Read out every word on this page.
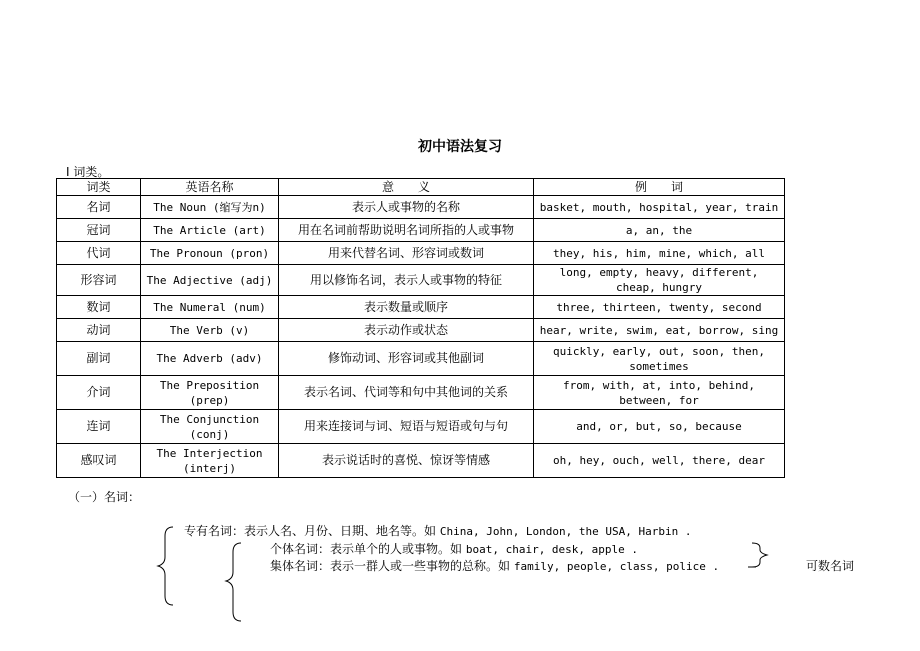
初中语法复习
Ⅰ 词类。
词类	英语名称	意　　义	例　　词
名词	The Noun (缩写为n)	表示人或事物的名称	basket, mouth, hospital, year, train
冠词	The Article (art)	用在名词前帮助说明名词所指的人或事物	a, an, the
代词	The Pronoun (pron)	用来代替名词、形容词或数词	they, his, him, mine, which, all
形容词	The Adjective (adj)	用以修饰名词，表示人或事物的特征	long, empty, heavy, different, cheap, hungry
数词	The Numeral (num)	表示数量或顺序	three, thirteen, twenty, second
动词	The Verb (v)	表示动作或状态	hear, write, swim, eat, borrow, sing
副词	The Adverb (adv)	修饰动词、形容词或其他副词	quickly, early, out, soon, then, sometimes
介词	The Preposition (prep)	表示名词、代词等和句中其他词的关系	from, with, at, into, behind, between, for
连词	The Conjunction (conj)	用来连接词与词、短语与短语或句与句	and, or, but, so, because
感叹词	The Interjection (interj)	表示说话时的喜悦、惊讶等情感	oh, hey, ouch, well, there, dear
（一）名词：
专有名词：表示人名、月份、日期、地名等。如 China, John, London, the USA, Harbin .
个体名词：表示单个的人或事物。如 boat, chair, desk, apple .
集体名词：表示一群人或一些事物的总称。如 family, people, class, police .	可数名词
